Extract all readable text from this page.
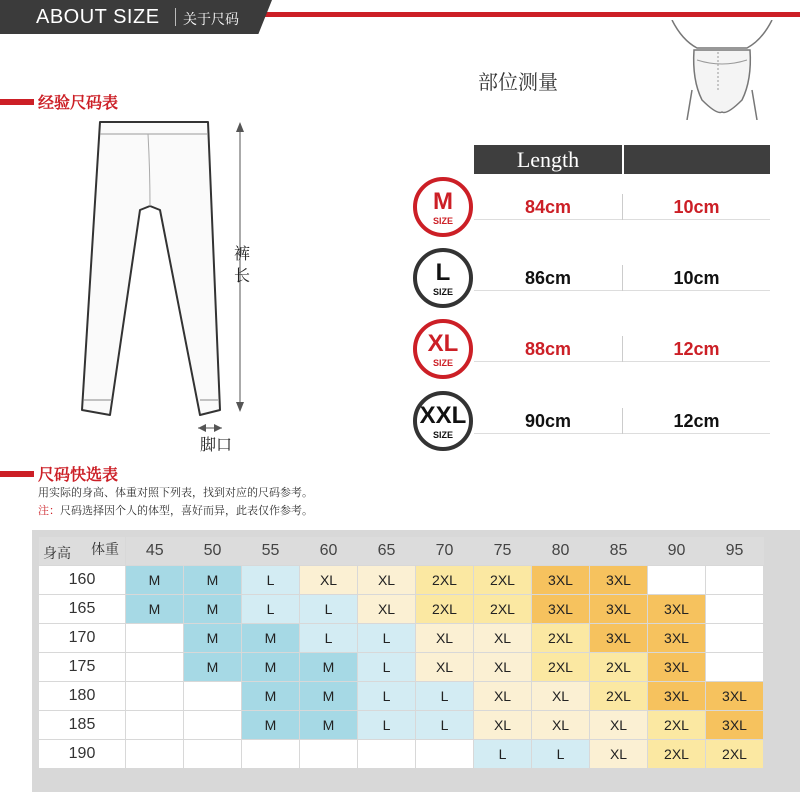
ABOUT SIZE 关于尺码
经验尺码表
部位测量
裤长
脚口
Length
M
SIZE
84cm	10cm
L
SIZE
86cm	10cm
XL
SIZE
88cm	12cm
XXL
SIZE
90cm	12cm
尺码快选表
用实际的身高、体重对照下列表，找到对应的尺码参考。
注：尺码选择因个人的体型，喜好而异，此表仅作参考。
体重
身高	45	50	55	60	65	70	75	80	85	90	95
160	M	M	L	XL	XL	2XL	2XL	3XL	3XL		
165	M	M	L	L	XL	2XL	2XL	3XL	3XL	3XL	
170		M	M	L	L	XL	XL	2XL	3XL	3XL	
175		M	M	M	L	XL	XL	2XL	2XL	3XL	
180			M	M	L	L	XL	XL	2XL	3XL	3XL
185			M	M	L	L	XL	XL	XL	2XL	3XL
190							L	L	XL	2XL	2XL
